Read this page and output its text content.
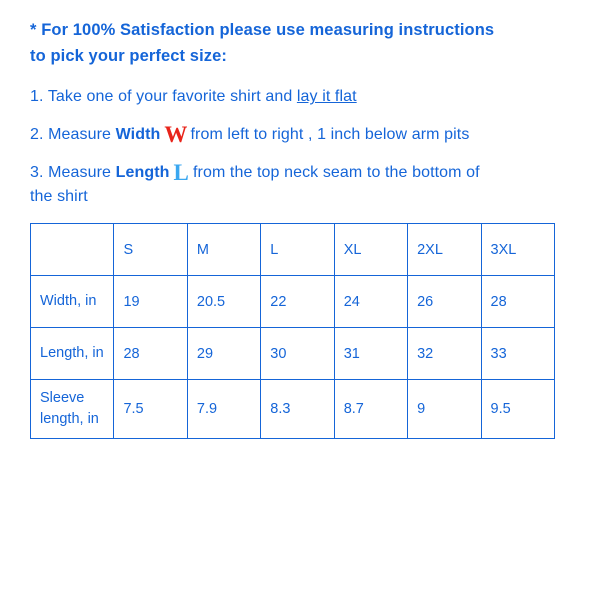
* For 100% Satisfaction please use measuring instructions
to pick your perfect size:
1. Take one of your favorite shirt and lay it flat
2. Measure Width W from left to right , 1 inch below arm pits
3. Measure Length L from the top neck seam to the bottom of
the shirt
	S	M	L	XL	2XL	3XL
Width, in	19	20.5	22	24	26	28
Length, in	28	29	30	31	32	33
Sleeve length, in	7.5	7.9	8.3	8.7	9	9.5
